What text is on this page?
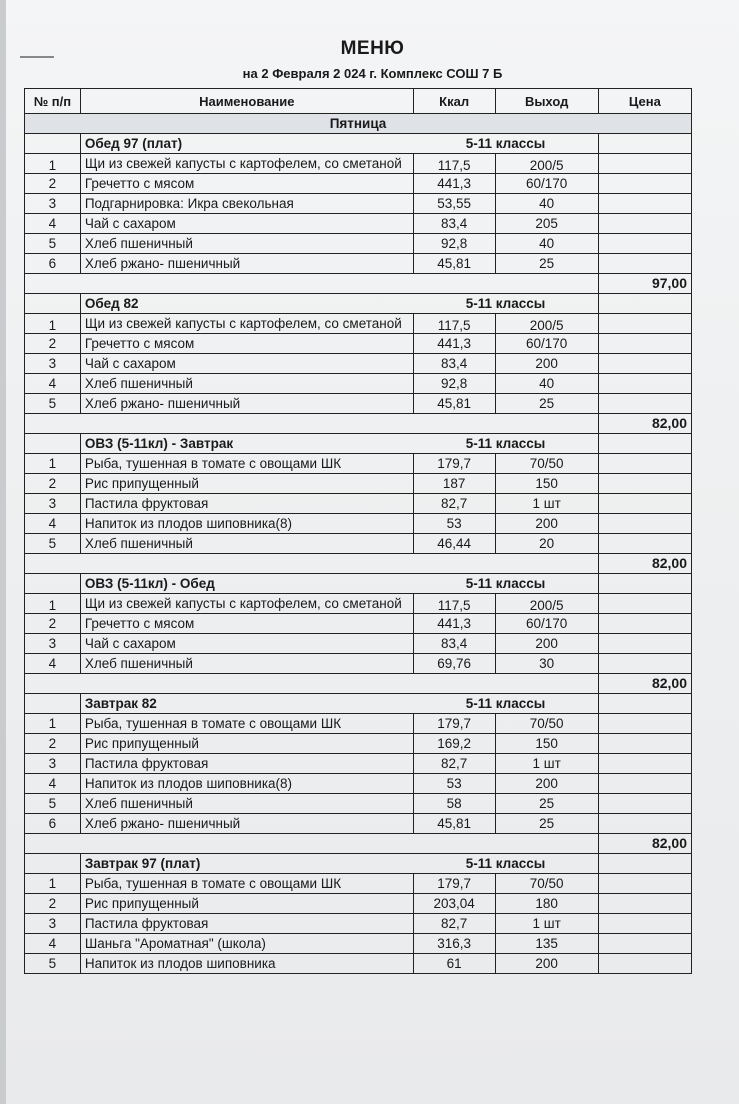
МЕНЮ
на 2 Февраля 2 024 г. Комплекс СОШ 7 Б
№ п/п	Наименование	Ккал	Выход	Цена
Пятница				
	Обед 97 (плат)	5-11 классы		
1	Щи из свежей капусты с картофелем, со сметаной	117,5	200/5	
2	Гречетто с мясом	441,3	60/170	
3	Подгарнировка: Икра свекольная	53,55	40	
4	Чай с сахаром	83,4	205	
5	Хлеб пшеничный	92,8	40	
6	Хлеб ржано- пшеничный	45,81	25	
				97,00
	Обед 82	5-11 классы		
1	Щи из свежей капусты с картофелем, со сметаной	117,5	200/5	
2	Гречетто с мясом	441,3	60/170	
3	Чай с сахаром	83,4	200	
4	Хлеб пшеничный	92,8	40	
5	Хлеб ржано- пшеничный	45,81	25	
				82,00
	ОВЗ (5-11кл) - Завтрак	5-11 классы		
1	Рыба, тушенная в томате с овощами ШК	179,7	70/50	
2	Рис припущенный	187	150	
3	Пастила фруктовая	82,7	1 шт	
4	Напиток из плодов шиповника(8)	53	200	
5	Хлеб пшеничный	46,44	20	
				82,00
	ОВЗ (5-11кл) - Обед	5-11 классы		
1	Щи из свежей капусты с картофелем, со сметаной	117,5	200/5	
2	Гречетто с мясом	441,3	60/170	
3	Чай с сахаром	83,4	200	
4	Хлеб пшеничный	69,76	30	
				82,00
	Завтрак 82	5-11 классы		
1	Рыба, тушенная в томате с овощами ШК	179,7	70/50	
2	Рис припущенный	169,2	150	
3	Пастила фруктовая	82,7	1 шт	
4	Напиток из плодов шиповника(8)	53	200	
5	Хлеб пшеничный	58	25	
6	Хлеб ржано- пшеничный	45,81	25	
				82,00
	Завтрак 97 (плат)	5-11 классы		
1	Рыба, тушенная в томате с овощами ШК	179,7	70/50	
2	Рис припущенный	203,04	180	
3	Пастила фруктовая	82,7	1 шт	
4	Шаньга "Ароматная" (школа)	316,3	135	
5	Напиток из плодов шиповника	61	200	
